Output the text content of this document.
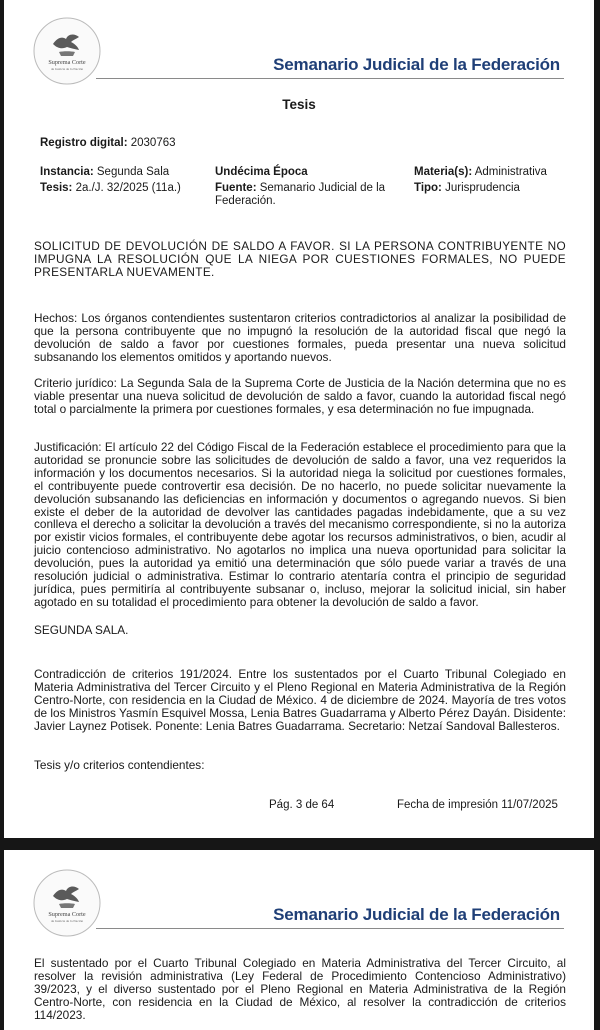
Suprema Corte
de Justicia de la Nación	Semanario Judicial de la Federación
Tesis
Registro digital: 2030763
Instancia: Segunda Sala	Undécima Época	Materia(s): Administrativa
Tesis: 2a./J. 32/2025 (11a.)	Fuente: Semanario Judicial de la Federación.
Tipo: Jurisprudencia
SOLICITUD DE DEVOLUCIÓN DE SALDO A FAVOR. SI LA PERSONA CONTRIBUYENTE NO IMPUGNA LA RESOLUCIÓN QUE LA NIEGA POR CUESTIONES FORMALES, NO PUEDE PRESENTARLA NUEVAMENTE.
Hechos: Los órganos contendientes sustentaron criterios contradictorios al analizar la posibilidad de que la persona contribuyente que no impugnó la resolución de la autoridad fiscal que negó la devolución de saldo a favor por cuestiones formales, pueda presentar una nueva solicitud subsanando los elementos omitidos y aportando nuevos.
Criterio jurídico: La Segunda Sala de la Suprema Corte de Justicia de la Nación determina que no es viable presentar una nueva solicitud de devolución de saldo a favor, cuando la autoridad fiscal negó total o parcialmente la primera por cuestiones formales, y esa determinación no fue impugnada.
Justificación: El artículo 22 del Código Fiscal de la Federación establece el procedimiento para que la autoridad se pronuncie sobre las solicitudes de devolución de saldo a favor, una vez requeridos la información y los documentos necesarios. Si la autoridad niega la solicitud por cuestiones formales, el contribuyente puede controvertir esa decisión. De no hacerlo, no puede solicitar nuevamente la devolución subsanando las deficiencias en información y documentos o agregando nuevos. Si bien existe el deber de la autoridad de devolver las cantidades pagadas indebidamente, que a su vez conlleva el derecho a solicitar la devolución a través del mecanismo correspondiente, si no la autoriza por existir vicios formales, el contribuyente debe agotar los recursos administrativos, o bien, acudir al juicio contencioso administrativo. No agotarlos no implica una nueva oportunidad para solicitar la devolución, pues la autoridad ya emitió una determinación que sólo puede variar a través de una resolución judicial o administrativa. Estimar lo contrario atentaría contra el principio de seguridad jurídica, pues permitiría al contribuyente subsanar o, incluso, mejorar la solicitud inicial, sin haber agotado en su totalidad el procedimiento para obtener la devolución de saldo a favor.
SEGUNDA SALA.
Contradicción de criterios 191/2024. Entre los sustentados por el Cuarto Tribunal Colegiado en Materia Administrativa del Tercer Circuito y el Pleno Regional en Materia Administrativa de la Región Centro-Norte, con residencia en la Ciudad de México. 4 de diciembre de 2024. Mayoría de tres votos de los Ministros Yasmín Esquivel Mossa, Lenia Batres Guadarrama y Alberto Pérez Dayán. Disidente: Javier Laynez Potisek. Ponente: Lenia Batres Guadarrama. Secretario: Netzaí Sandoval Ballesteros.
Tesis y/o criterios contendientes:
Pág. 3 de 64	Fecha de impresión 11/07/2025
Suprema Corte
de Justicia de la Nación	Semanario Judicial de la Federación
El sustentado por el Cuarto Tribunal Colegiado en Materia Administrativa del Tercer Circuito, al resolver la revisión administrativa (Ley Federal de Procedimiento Contencioso Administrativo) 39/2023, y el diverso sustentado por el Pleno Regional en Materia Administrativa de la Región Centro-Norte, con residencia en la Ciudad de México, al resolver la contradicción de criterios 114/2023.
